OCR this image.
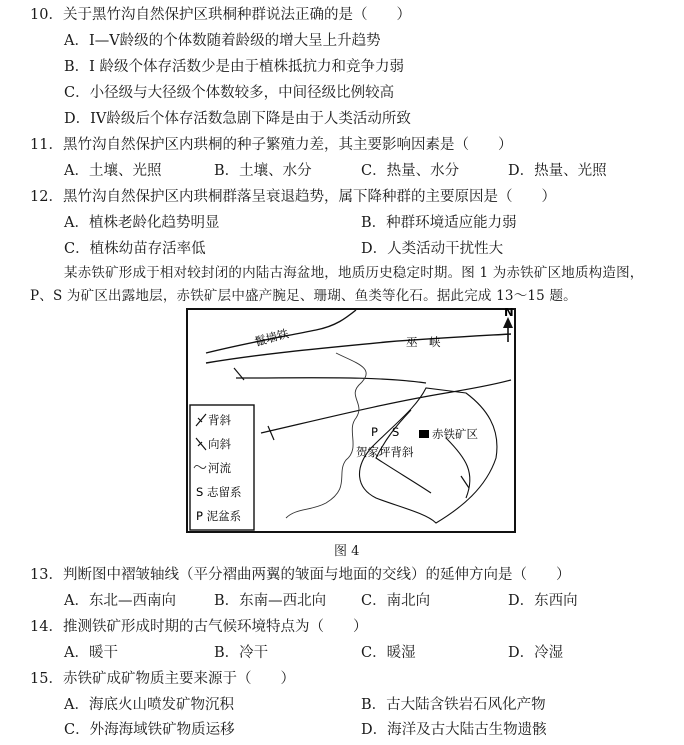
10．关于黑竹沟自然保护区珙桐种群说法正确的是（　　）
A．I—V龄级的个体数随着龄级的增大呈上升趋势
B．I 龄级个体存活数少是由于植株抵抗力和竞争力弱
C．小径级与大径级个体数较多，中间径级比例较高
D．IV龄级后个体存活数急剧下降是由于人类活动所致
11．黑竹沟自然保护区内珙桐的种子繁殖力差，其主要影响因素是（　　）
A．土壤、光照	B．土壤、水分	C．热量、水分	D．热量、光照
12．黑竹沟自然保护区内珙桐群落呈衰退趋势，属下降种群的主要原因是（　　）
A．植株老龄化趋势明显	B．种群环境适应能力弱
C．植株幼苗存活率低	D．人类活动干扰性大
某赤铁矿形成于相对较封闭的内陆古海盆地，地质历史稳定时期。图 1 为赤铁矿区地质构造图，
P、S 为矿区出露地层，赤铁矿层中盛产腕足、珊瑚、鱼类等化石。据此完成 13～15 题。
鬣墙铁	巫　峡
N
P S	赤铁矿区
贺家坪背斜
背斜
向斜
河流
S 志留系
P 泥盆系
图 4
13．判断图中褶皱轴线（平分褶曲两翼的皱面与地面的交线）的延伸方向是（　　）
A．东北—西南向	B．东南—西北向 C．南北向	D．东西向
14．推测铁矿形成时期的古气候环境特点为（　　）
A．暖干	B．冷干	C．暖湿	D．冷湿
15．赤铁矿成矿物质主要来源于（　　）
A．海底火山喷发矿物沉积	B．古大陆含铁岩石风化产物
C．外海海域铁矿物质运移	D．海洋及古大陆古生物遗骸
